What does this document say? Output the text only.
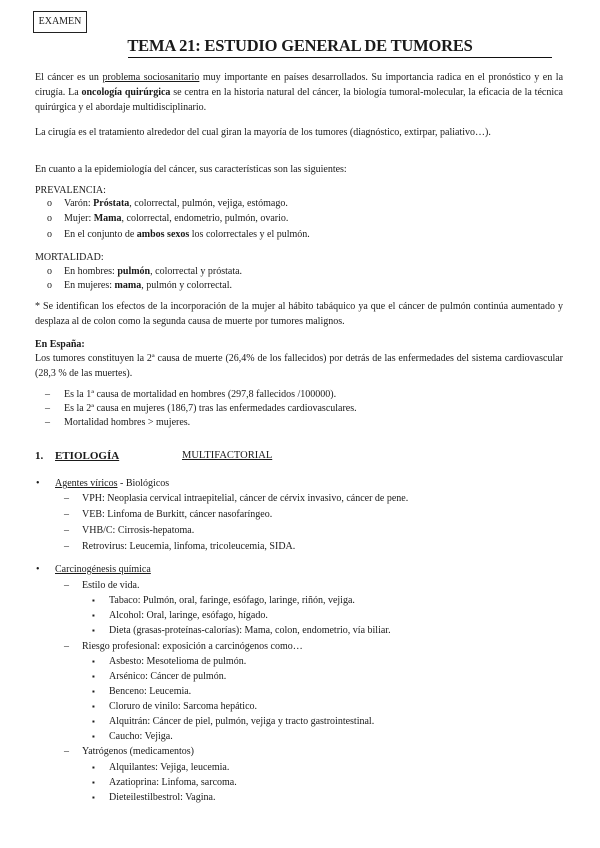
EXAMEN
TEMA 21: ESTUDIO GENERAL DE TUMORES
El cáncer es un problema sociosanitario muy importante en países desarrollados. Su importancia radica en el pronóstico y en la cirugía. La oncología quirúrgica se centra en la historia natural del cáncer, la biología tumoral-molecular, la eficacia de la técnica quirúrgica y el abordaje multidisciplinario.
La cirugía es el tratamiento alrededor del cual giran la mayoría de los tumores (diagnóstico, extirpar, paliativo…).
En cuanto a la epidemiología del cáncer, sus características son las siguientes:
PREVALENCIA:
o Varón: Próstata, colorrectal, pulmón, vejiga, estómago.
o Mujer: Mama, colorrectal, endometrio, pulmón, ovario.
o En el conjunto de ambos sexos los colorrectales y el pulmón.
MORTALIDAD:
o En hombres: pulmón, colorrectal y próstata.
o En mujeres: mama, pulmón y colorrectal.
* Se identifican los efectos de la incorporación de la mujer al hábito tabáquico ya que el cáncer de pulmón continúa aumentado y desplaza al de colon como la segunda causa de muerte por tumores malignos.
En España:
Los tumores constituyen la 2ª causa de muerte (26,4% de los fallecidos) por detrás de las enfermedades del sistema cardiovascular (28,3 % de las muertes).
– Es la 1ª causa de mortalidad en hombres (297,8 fallecidos /100000).
– Es la 2ª causa en mujeres (186,7) tras las enfermedades cardiovasculares.
– Mortalidad hombres > mujeres.
1. ETIOLOGÍA	MULTIFACTORIAL
• Agentes víricos - Biológicos
– VPH: Neoplasia cervical intraepitelial, cáncer de cérvix invasivo, cáncer de pene.
– VEB: Linfoma de Burkitt, cáncer nasofaríngeo.
– VHB/C: Cirrosis-hepatoma.
– Retrovirus: Leucemia, linfoma, tricoleucemia, SIDA.
• Carcinogénesis química
– Estilo de vida.
▪ Tabaco: Pulmón, oral, faringe, esófago, laringe, riñón, vejiga.
▪ Alcohol: Oral, laringe, esófago, hígado.
▪ Dieta (grasas-proteínas-calorías): Mama, colon, endometrio, vía biliar.
– Riesgo profesional: exposición a carcinógenos como…
▪ Asbesto: Mesotelioma de pulmón.
▪ Arsénico: Cáncer de pulmón.
▪ Benceno: Leucemia.
▪ Cloruro de vinilo: Sarcoma hepático.
▪ Alquitrán: Cáncer de piel, pulmón, vejiga y tracto gastrointestinal.
▪ Caucho: Vejiga.
– Yatrógenos (medicamentos)
▪ Alquilantes: Vejiga, leucemia.
▪ Azatioprina: Linfoma, sarcoma.
▪ Dieteilestilbestrol: Vagina.
